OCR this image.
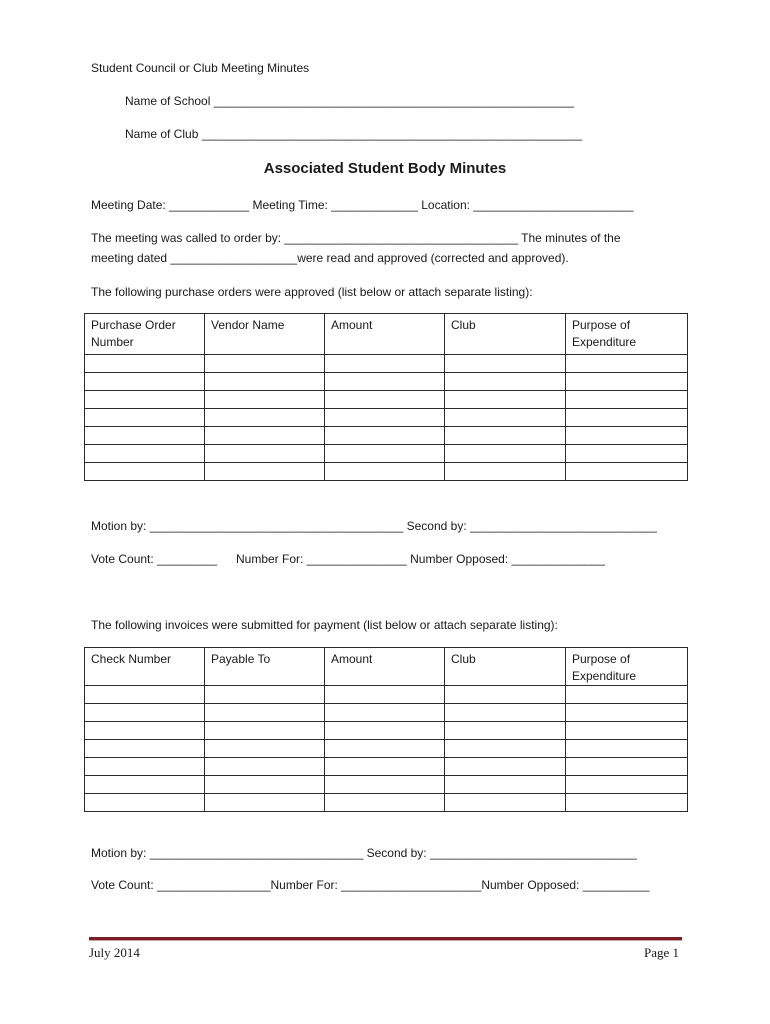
Student Council or Club Meeting Minutes
Name of School ______________________________________________________
Name of Club _________________________________________________________
Associated Student Body Minutes
Meeting Date: ____________ Meeting Time: _____________ Location: ________________________
The meeting was called to order by: ___________________________________ The minutes of the
meeting dated ___________________were read and approved (corrected and approved).
The following purchase orders were approved (list below or attach separate listing):
Purchase Order Number	Vendor Name	Amount	Club	Purpose of Expenditure

Motion by: ______________________________________ Second by: ____________________________
Vote Count: _________ Number For: _______________ Number Opposed: ______________
The following invoices were submitted for payment (list below or attach separate listing):
Check Number	Payable To	Amount	Club	Purpose of Expenditure

Motion by: ________________________________ Second by: _______________________________
Vote Count: _________________Number For: _____________________Number Opposed: __________
July 2014	Page 1
